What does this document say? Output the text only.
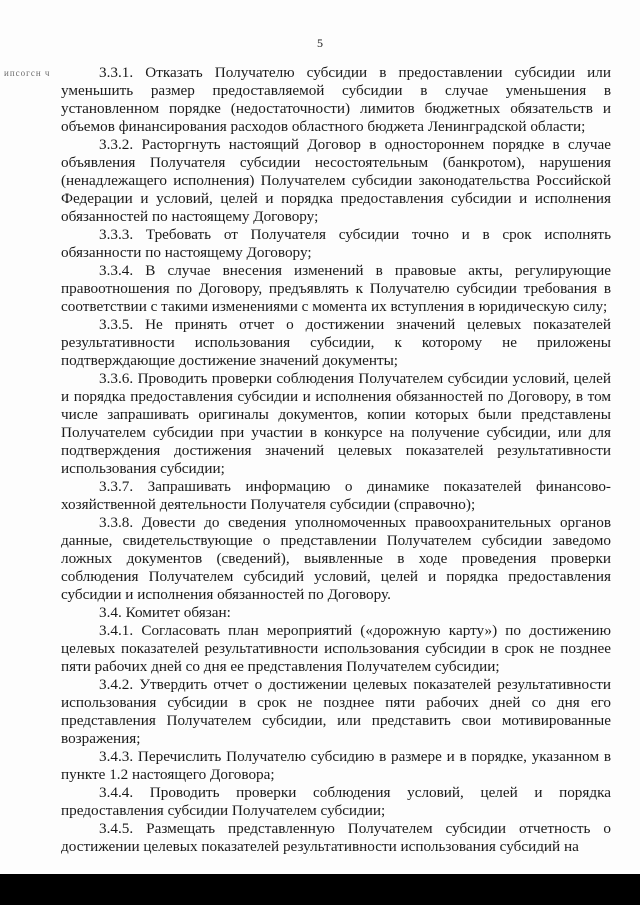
5
ипсогсн ч	3.3.1. Отказать Получателю субсидии в предоставлении субсидии или уменьшить размер предоставляемой субсидии в случае уменьшения в установленном порядке (недостаточности) лимитов бюджетных обязательств и объемов финансирования расходов областного бюджета Ленинградской области;

3.3.2. Расторгнуть настоящий Договор в одностороннем порядке в случае объявления Получателя субсидии несостоятельным (банкротом), нарушения (ненадлежащего исполнения) Получателем субсидии законодательства Российской Федерации и условий, целей и порядка предоставления субсидии и исполнения обязанностей по настоящему Договору;

3.3.3. Требовать от Получателя субсидии точно и в срок исполнять обязанности по настоящему Договору;

3.3.4. В случае внесения изменений в правовые акты, регулирующие правоотношения по Договору, предъявлять к Получателю субсидии требования в соответствии с такими изменениями с момента их вступления в юридическую силу;

3.3.5. Не принять отчет о достижении значений целевых показателей результативности использования субсидии, к которому не приложены подтверждающие достижение значений документы;

3.3.6. Проводить проверки соблюдения Получателем субсидии условий, целей и порядка предоставления субсидии и исполнения обязанностей по Договору, в том числе запрашивать оригиналы документов, копии которых были представлены Получателем субсидии при участии в конкурсе на получение субсидии, или для подтверждения достижения значений целевых показателей результативности использования субсидии;

3.3.7. Запрашивать информацию о динамике показателей финансово-хозяйственной деятельности Получателя субсидии (справочно);

3.3.8. Довести до сведения уполномоченных правоохранительных органов данные, свидетельствующие о представлении Получателем субсидии заведомо ложных документов (сведений), выявленные в ходе проведения проверки соблюдения Получателем субсидий условий, целей и порядка предоставления субсидии и исполнения обязанностей по Договору.

3.4. Комитет обязан:

3.4.1. Согласовать план мероприятий («дорожную карту») по достижению целевых показателей результативности использования субсидии в срок не позднее пяти рабочих дней со дня ее представления Получателем субсидии;

3.4.2. Утвердить отчет о достижении целевых показателей результативности использования субсидии в срок не позднее пяти рабочих дней со дня его представления Получателем субсидии, или представить свои мотивированные возражения;

3.4.3. Перечислить Получателю субсидию в размере и в порядке, указанном в пункте 1.2 настоящего Договора;

3.4.4. Проводить проверки соблюдения условий, целей и порядка предоставления субсидии Получателем субсидии;

3.4.5. Размещать представленную Получателем субсидии отчетность о достижении целевых показателей результативности использования субсидий на
